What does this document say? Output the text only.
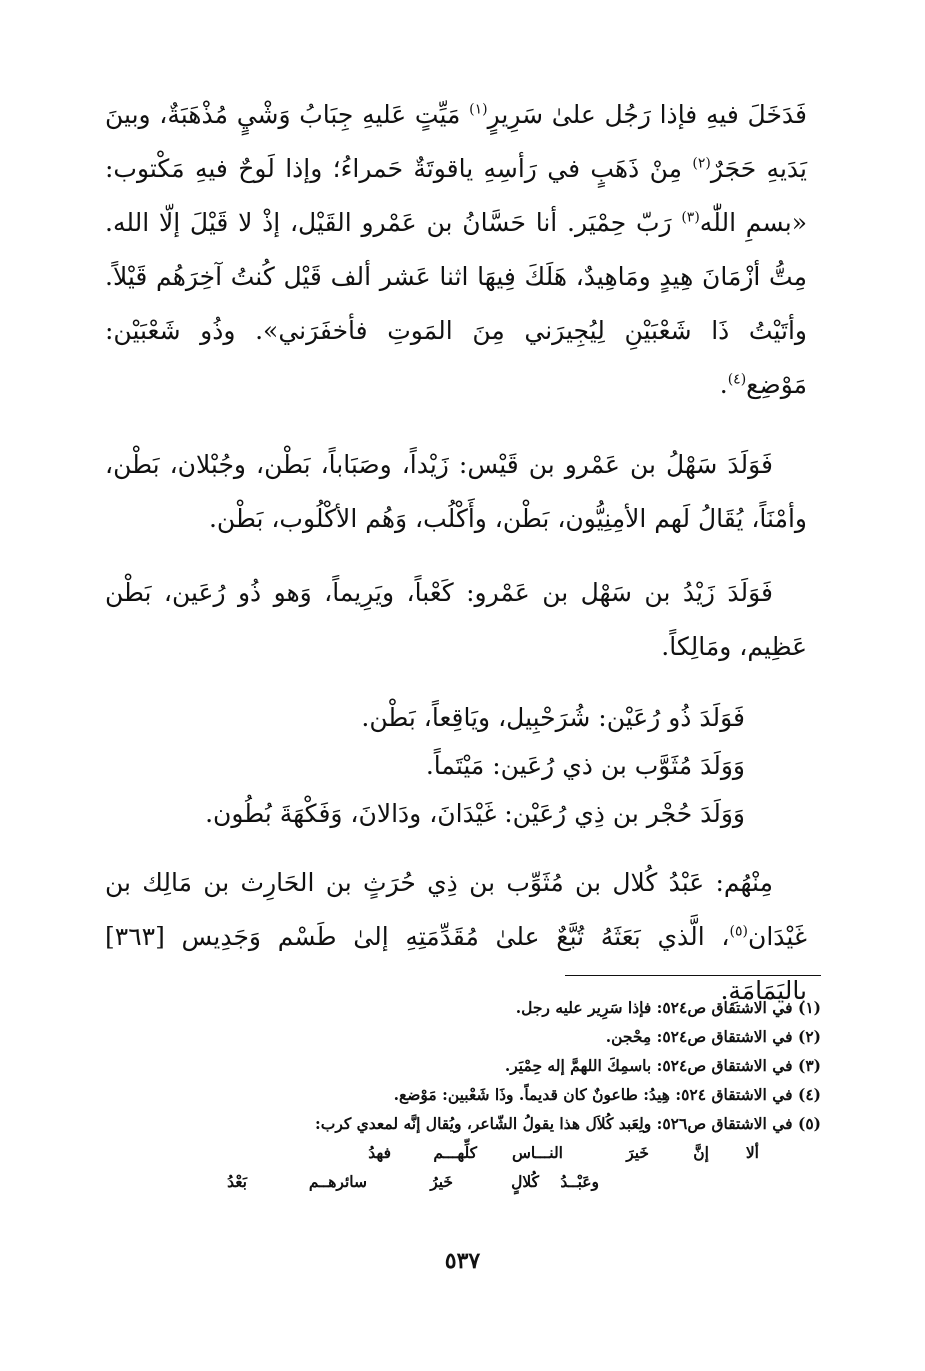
فَدَخَلَ فيهِ فإذا رَجُل علىٰ سَرِيرٍ$^{(١)}$ مَيِّتٍ عَليهِ جِبَابُ وَشْيٍ مُذْهَبَةٌ، وبينَ يَدَيهِ حَجَرٌ$^{(٢)}$ مِنْ ذَهَبٍ في رَأسِهِ ياقوتَةٌ حَمراءُ؛ وإذا لَوحٌ فيهِ مَكْتوب: «بسمِ اللّٰه$^{(٣)}$ رَبّ حِمْيَر. أنا حَسَّانُ بن عَمْرو القَيْل، إذْ لا قَيْلَ إلّا الله. مِتُّ أزْمَانَ هِيدٍ ومَاهِيدٌ، هَلَكَ فِيهَا اثنا عَشر ألف قَيْل كُنتُ آخِرَهُم قَيْلاً. وأتَيْتُ ذَا شَعْبَيْنِ لِيُجِيرَني مِنَ المَوتِ فأخفَرَني». وذُو شَعْبَيْن: مَوْضِع$^{(٤)}$.

فَوَلَدَ سَهْلُ بن عَمْرو بن قَيْس: زَيْداً، وصَبَاباً، بَطْن، وجُبْلان، بَطْن، وأمْنَاً، يُقَالُ لَهم الأمِنِيُّون، بَطْن، وأَكْلُب، وَهُم الأكْلُوب، بَطْن.

فَوَلَدَ زَيْدُ بن سَهْل بن عَمْرو: كَعْباً، ويَرِيماً، وَهو ذُو رُعَين، بَطْن عَظِيم، ومَالِكاً.

فَوَلَدَ ذُو رُعَيْن: شُرَحْبِيل، ويَاقِعاً، بَطْن.

وَوَلَدَ مُثَوَّب بن ذي رُعَين: مَيْتَماً.

وَوَلَدَ حُجْر بن ذِي رُعَيْن: غَيْدَانَ، ودَالانَ، وَفَكْهَةَ بُطُون.

مِنْهُم: عَبْدُ كُلال بن مُثَوِّب بن ذِي حُرَثٍ بن الحَارِث بن مَالِك بن غَيْدَان$^{(٥)}$، الَّذي بَعَثَهُ تُبَّعٌ علىٰ مُقَدِّمَتِهِ إلىٰ طَسْم وَجَدِيس [٣٦٣] باليَمَامَةِ.

(١) في الاشتقاق ص٥٢٤: فإذا سَرِير عليه رجل.

(٢) في الاشتقاق ص٥٢٤: مِحْجن.

(٣) في الاشتقاق ص٥٢٤: باسمِكَ اللهمَّ إله حِمْيَر.

(٤) في الاشتقاق ٥٢٤: هِيدُ: طاعونٌ كان قديماً. وذَا شَعْبين: مَوْضع.

(٥) في الاشتقاق ص٥٢٦: ولِعَبد كُلاَل هذا يقولُ الشّاعر، ويُقال إنَّه لمعدي كرب:

ألا
إنَّ
خَيرَ
النـــاس
كلِّهـــم
فهدُ
وعَبْــدُ
كُلالٍ
خَيرُ
سائرهــم
بَعْدُ
٥٣٧
